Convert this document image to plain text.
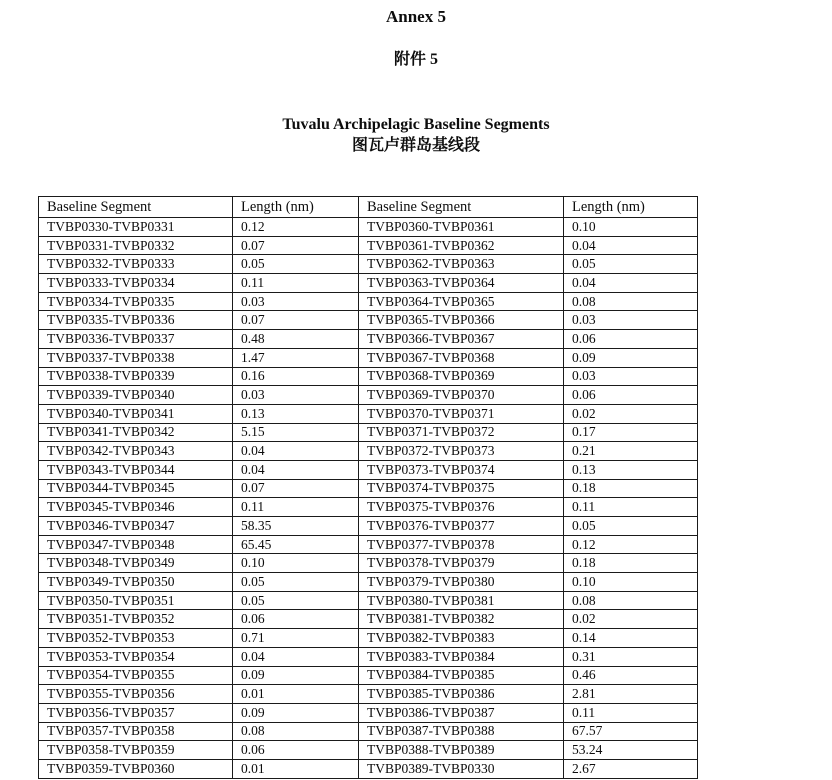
Annex 5
附件 5
Tuvalu Archipelagic Baseline Segments
图瓦卢群岛基线段
Baseline Segment	Length (nm)	Baseline Segment	Length (nm)
TVBP0330-TVBP0331	0.12	TVBP0360-TVBP0361	0.10
TVBP0331-TVBP0332	0.07	TVBP0361-TVBP0362	0.04
TVBP0332-TVBP0333	0.05	TVBP0362-TVBP0363	0.05
TVBP0333-TVBP0334	0.11	TVBP0363-TVBP0364	0.04
TVBP0334-TVBP0335	0.03	TVBP0364-TVBP0365	0.08
TVBP0335-TVBP0336	0.07	TVBP0365-TVBP0366	0.03
TVBP0336-TVBP0337	0.48	TVBP0366-TVBP0367	0.06
TVBP0337-TVBP0338	1.47	TVBP0367-TVBP0368	0.09
TVBP0338-TVBP0339	0.16	TVBP0368-TVBP0369	0.03
TVBP0339-TVBP0340	0.03	TVBP0369-TVBP0370	0.06
TVBP0340-TVBP0341	0.13	TVBP0370-TVBP0371	0.02
TVBP0341-TVBP0342	5.15	TVBP0371-TVBP0372	0.17
TVBP0342-TVBP0343	0.04	TVBP0372-TVBP0373	0.21
TVBP0343-TVBP0344	0.04	TVBP0373-TVBP0374	0.13
TVBP0344-TVBP0345	0.07	TVBP0374-TVBP0375	0.18
TVBP0345-TVBP0346	0.11	TVBP0375-TVBP0376	0.11
TVBP0346-TVBP0347	58.35	TVBP0376-TVBP0377	0.05
TVBP0347-TVBP0348	65.45	TVBP0377-TVBP0378	0.12
TVBP0348-TVBP0349	0.10	TVBP0378-TVBP0379	0.18
TVBP0349-TVBP0350	0.05	TVBP0379-TVBP0380	0.10
TVBP0350-TVBP0351	0.05	TVBP0380-TVBP0381	0.08
TVBP0351-TVBP0352	0.06	TVBP0381-TVBP0382	0.02
TVBP0352-TVBP0353	0.71	TVBP0382-TVBP0383	0.14
TVBP0353-TVBP0354	0.04	TVBP0383-TVBP0384	0.31
TVBP0354-TVBP0355	0.09	TVBP0384-TVBP0385	0.46
TVBP0355-TVBP0356	0.01	TVBP0385-TVBP0386	2.81
TVBP0356-TVBP0357	0.09	TVBP0386-TVBP0387	0.11
TVBP0357-TVBP0358	0.08	TVBP0387-TVBP0388	67.57
TVBP0358-TVBP0359	0.06	TVBP0388-TVBP0389	53.24
TVBP0359-TVBP0360	0.01	TVBP0389-TVBP0330	2.67
